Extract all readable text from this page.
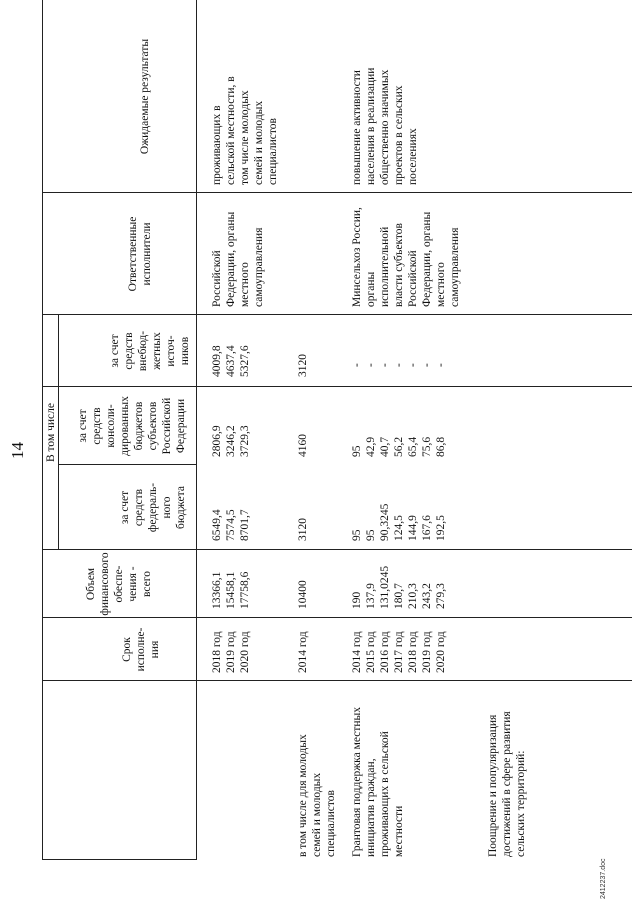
14
Срок исполне- ния
Объем финансового обеспе- чения - всего
В том числе
за счет средств федераль- ного бюджета
за счет средств консоли- дированных бюджетов субъектов Российской Федерации
за счет средств внебюд- жетных источ- ников
Ответственные исполнители
Ожидаемые результаты
2018 год 2019 год 2020 год
13366,1 15458,1 17758,6
6549,4 7574,5 8701,7
2806,9 3246,2 3729,3
4009,8 4637,4 5327,6
Российской Федерации, органы местного самоуправления
проживающих в сельской местности, в том числе молодых семей и молодых специалистов
в том числе для молодых семей и молодых специалистов
2014 год
10400
3120
4160
3120
Грантовая поддержка местных инициатив граждан, проживающих в сельской местности
2014 год 2015 год 2016 год 2017 год 2018 год 2019 год 2020 год
190 137,9 131,0245 180,7 210,3 243,2 279,3
95 95 90,3245 124,5 144,9 167,6 192,5
95 42,9 40,7 56,2 65,4 75,6 86,8
- - - - - - -
Минсельхоз России, органы исполнительной власти субъектов Российской Федерации, органы местного самоуправления
повышение активности населения в реализации общественно значимых проектов в сельских поселениях
Поощрение и популяризация достижений в сфере развития сельских территорий:
2412237.doc
